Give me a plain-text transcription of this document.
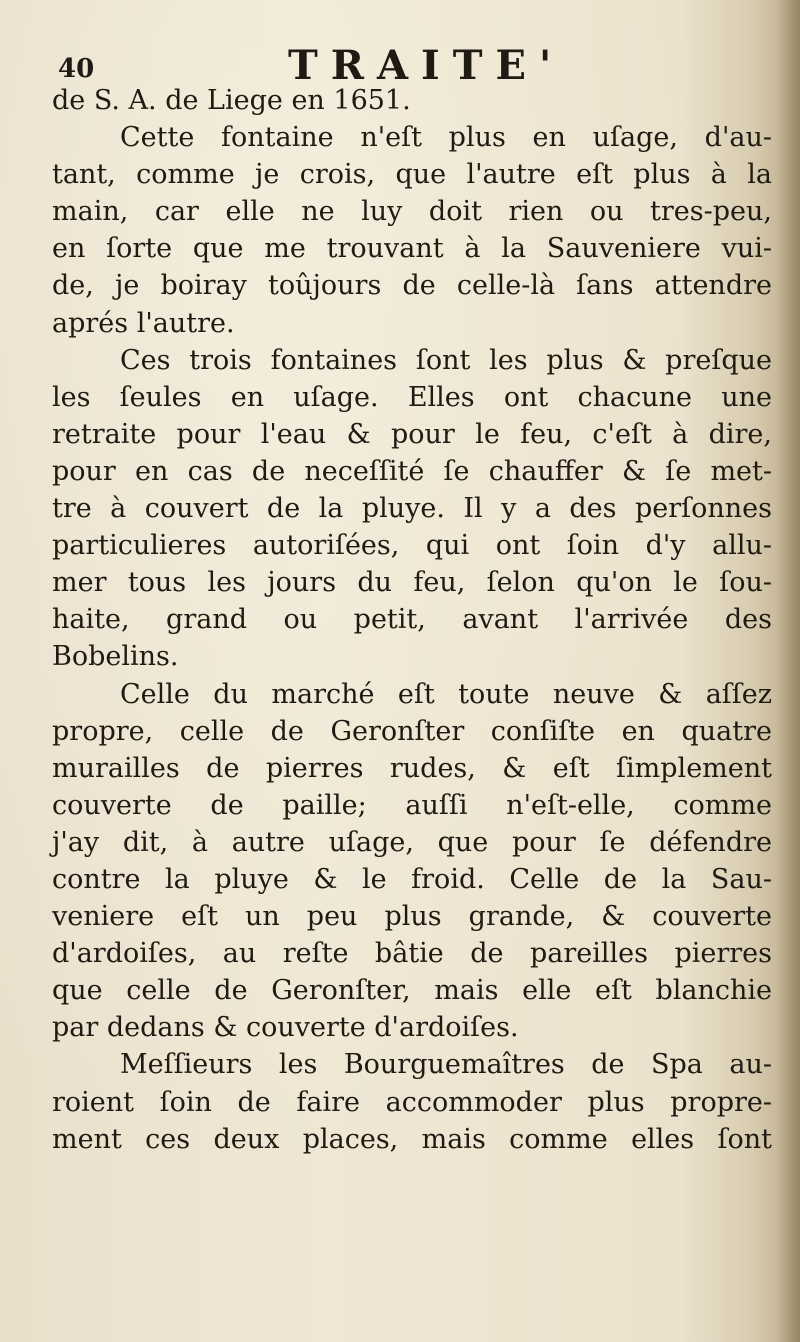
40	TRAITE'
de S. A. de Liege en 1651.
Cette fontaine n'eſt plus en uſage, d'au-
tant, comme je crois, que l'autre eſt plus à la
main, car elle ne luy doit rien ou tres-peu,
en ſorte que me trouvant à la Sauveniere vui-
de, je boiray toûjours de celle-là ſans attendre
aprés l'autre.
Ces trois fontaines ſont les plus & preſque
les ſeules en uſage. Elles ont chacune une
retraite pour l'eau & pour le feu, c'eſt à dire,
pour en cas de neceſſité ſe chauffer & ſe met-
tre à couvert de la pluye. Il y a des perſonnes
particulieres autoriſées, qui ont ſoin d'y allu-
mer tous les jours du feu, ſelon qu'on le ſou-
haite, grand ou petit, avant l'arrivée des
Bobelins.
Celle du marché eſt toute neuve & aſſez
propre, celle de Geronſter conſiſte en quatre
murailles de pierres rudes, & eſt ſimplement
couverte de paille; auſſi n'eſt-elle, comme
j'ay dit, à autre uſage, que pour ſe défendre
contre la pluye & le froid. Celle de la Sau-
veniere eſt un peu plus grande, & couverte
d'ardoiſes, au reſte bâtie de pareilles pierres
que celle de Geronſter, mais elle eſt blanchie
par dedans & couverte d'ardoiſes.
Meſſieurs les Bourguemaîtres de Spa au-
roient ſoin de faire accommoder plus propre-
ment ces deux places, mais comme elles ſont
